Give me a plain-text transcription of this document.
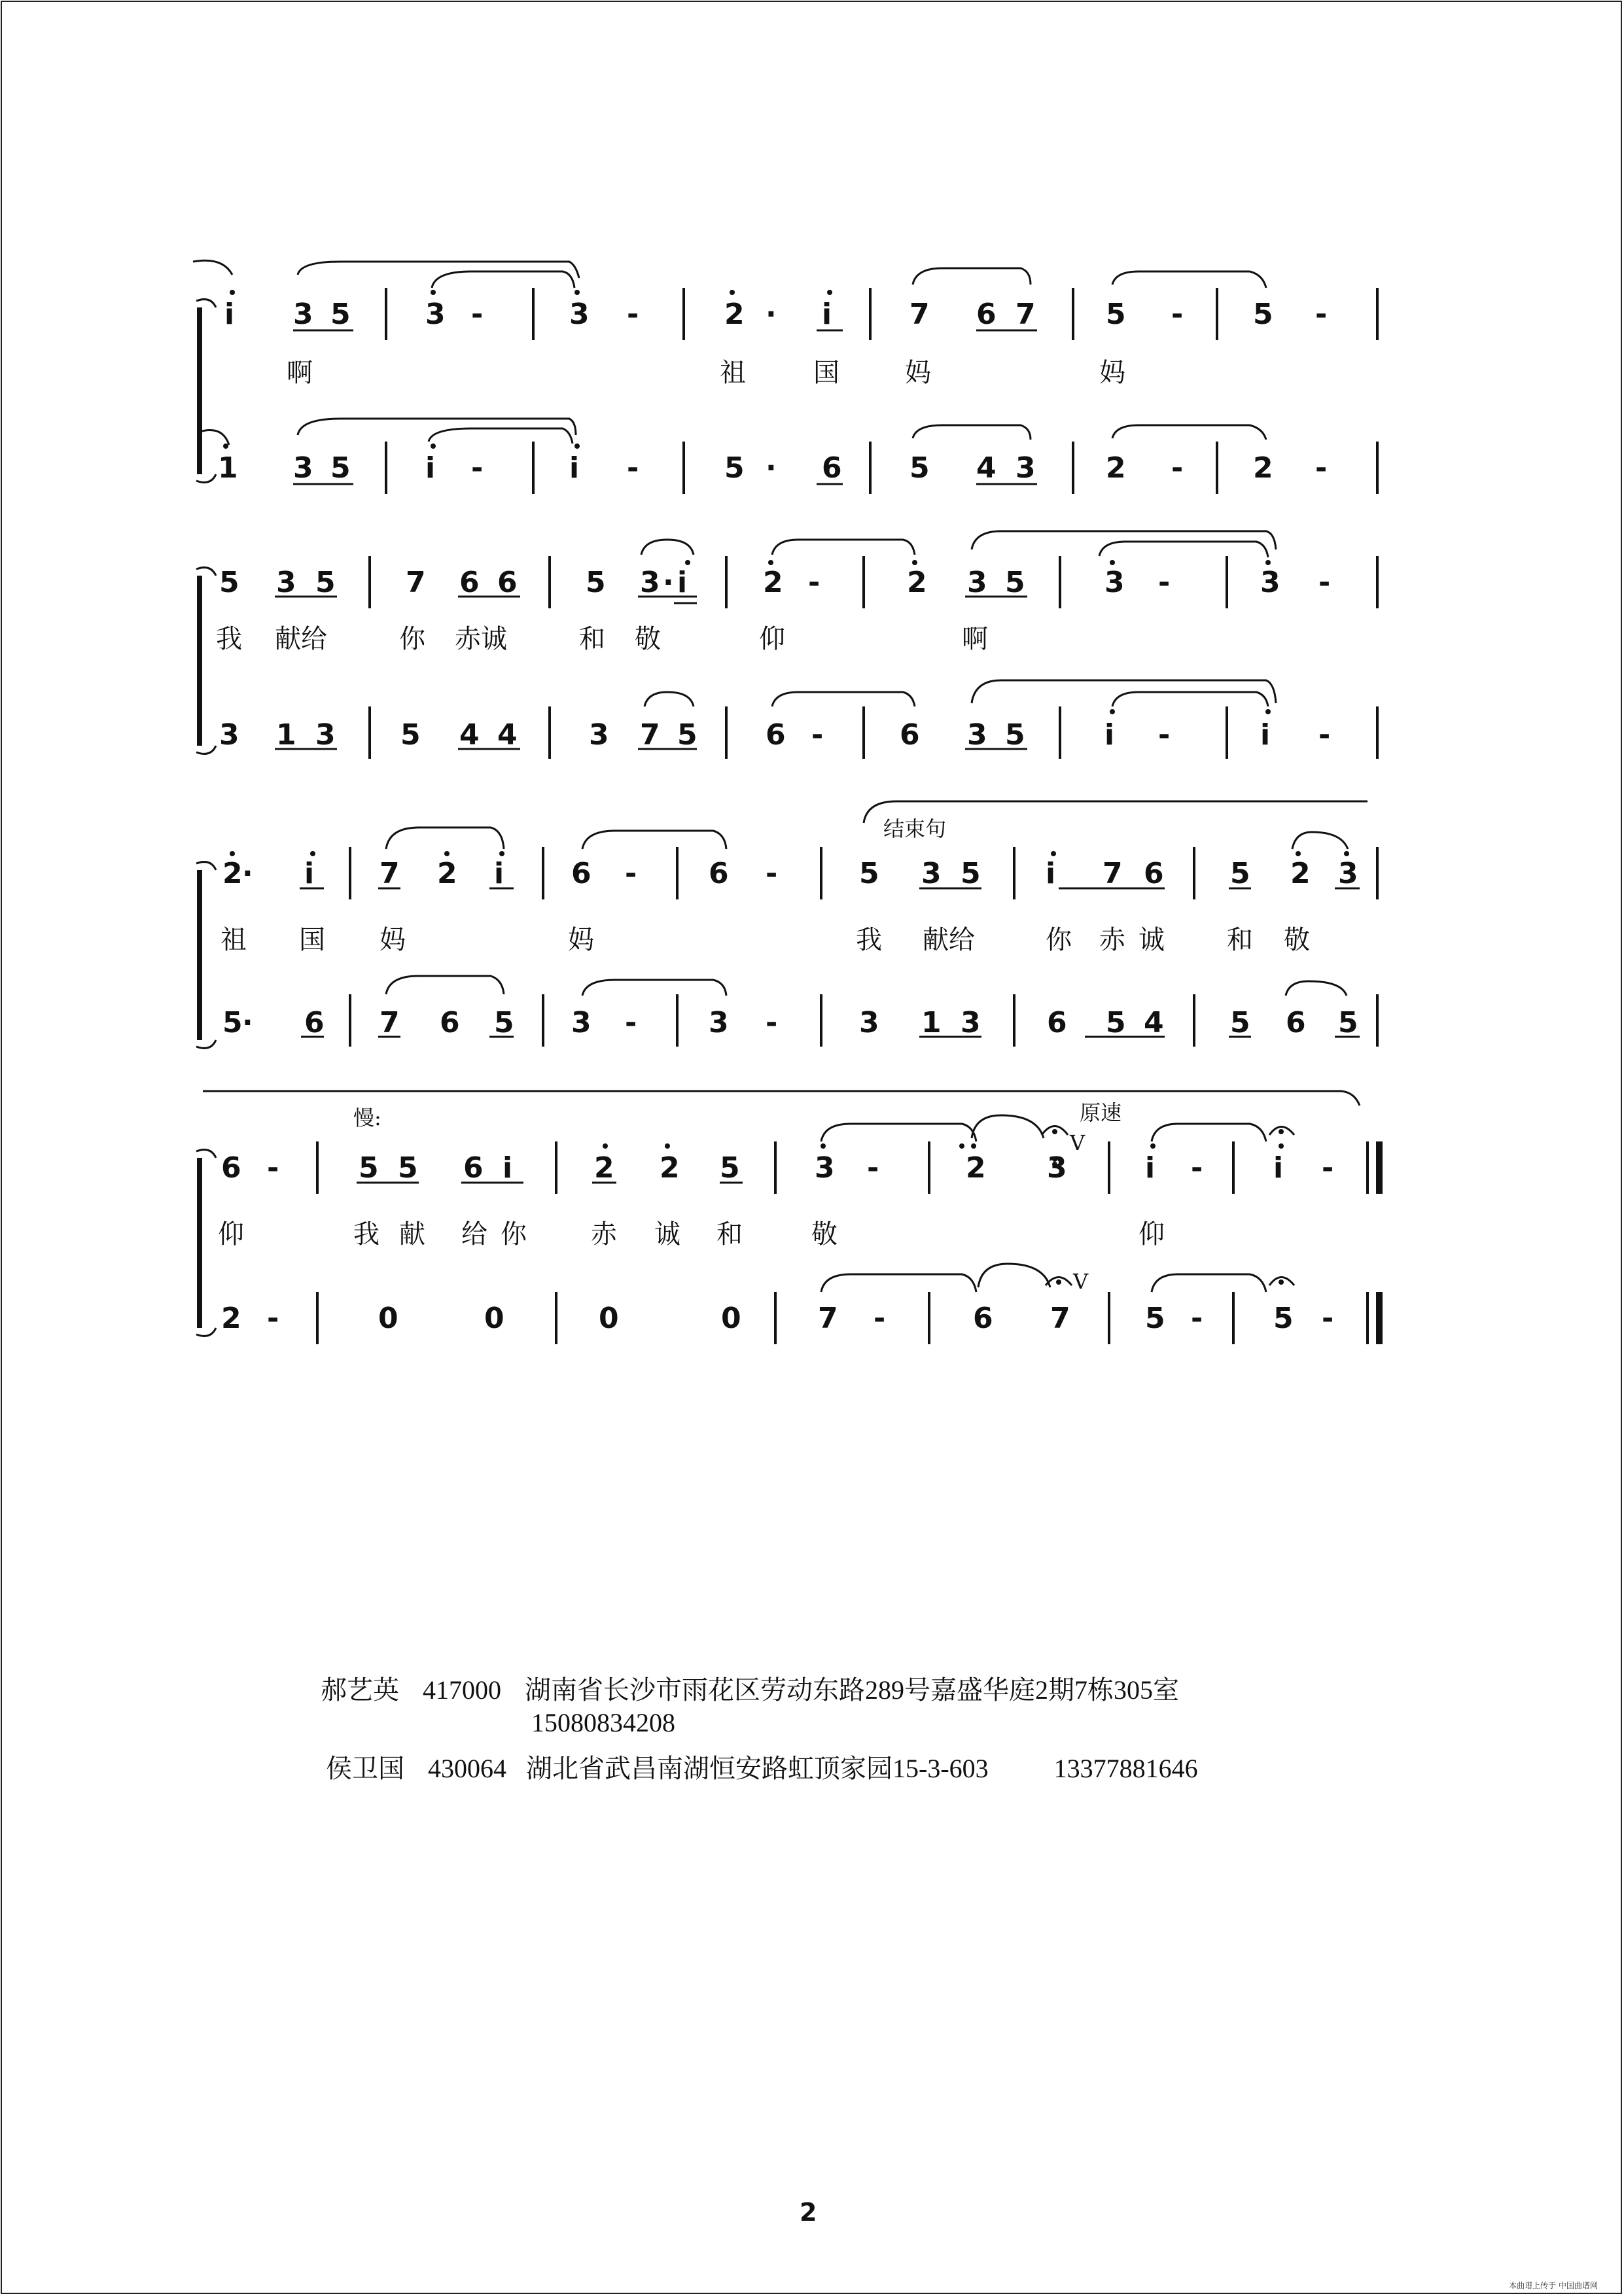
i 3 5	3 -	3 -	2 · i	7 6 7 5 - 5 -
1 3 5	i -	i -	5 · 6 5 4 3 2 - 2 -
5 3 5 7 6 6 5 3 · i	2 -	2 3 5	3 -	3 -
3 1 3 5 4 4 3 7 5 6 -	6 3 5	i -	i -
2 · i 7 2 i 6 - 6 -	5 3 5 i 7 6 5 2 3
5 · 6 7 6 5 3 - 3 -	3 1 3 6 5 4 5 6 5
6 -	5 5 6 i	2 2 5	3 -	2 3	i - i -
2 -	0	0	0	0	7 -	6 7	5 - 5 -
啊	祖	国	妈	妈
我 献给	你 赤诚	和 敬	仰	啊
祖 国 妈	妈	我 献给	你 赤 诚 和 敬
仰	我 献 给 你 赤 诚 和	敬	仰
结束句
慢:	原速
V
V
郝艺英 417000 湖南省长沙市雨花区劳动东路289号嘉盛华庭2期7栋305室
15080834208
侯卫国 430064 湖北省武昌南湖恒安路虹顶家园15-3-603	13377881646
2
本曲谱上传于 中国曲谱网
